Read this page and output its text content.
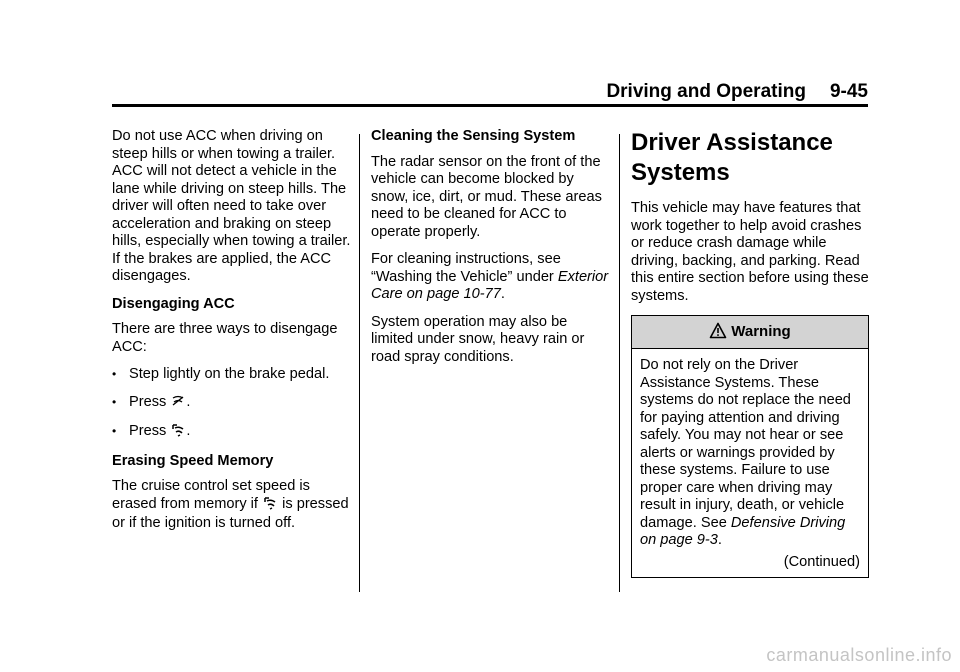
Driving and Operating 9-45

Do not use ACC when driving on steep hills or when towing a trailer. ACC will not detect a vehicle in the lane while driving on steep hills. The driver will often need to take over acceleration and braking on steep hills, especially when towing a trailer. If the brakes are applied, the ACC disengages.

Disengaging ACC

There are three ways to disengage ACC:

• Step lightly on the brake pedal.
• Press .
• Press .

Erasing Speed Memory

The cruise control set speed is erased from memory if is pressed or if the ignition is turned off.

Cleaning the Sensing System

The radar sensor on the front of the vehicle can become blocked by snow, ice, dirt, or mud. These areas need to be cleaned for ACC to operate properly.

For cleaning instructions, see “Washing the Vehicle” under Exterior Care on page 10-77.

System operation may also be limited under snow, heavy rain or road spray conditions.

Driver Assistance Systems

This vehicle may have features that work together to help avoid crashes or reduce crash damage while driving, backing, and parking. Read this entire section before using these systems.

Warning

Do not rely on the Driver Assistance Systems. These systems do not replace the need for paying attention and driving safely. You may not hear or see alerts or warnings provided by these systems. Failure to use proper care when driving may result in injury, death, or vehicle damage. See Defensive Driving on page 9-3.

(Continued)
carmanualsonline.info
